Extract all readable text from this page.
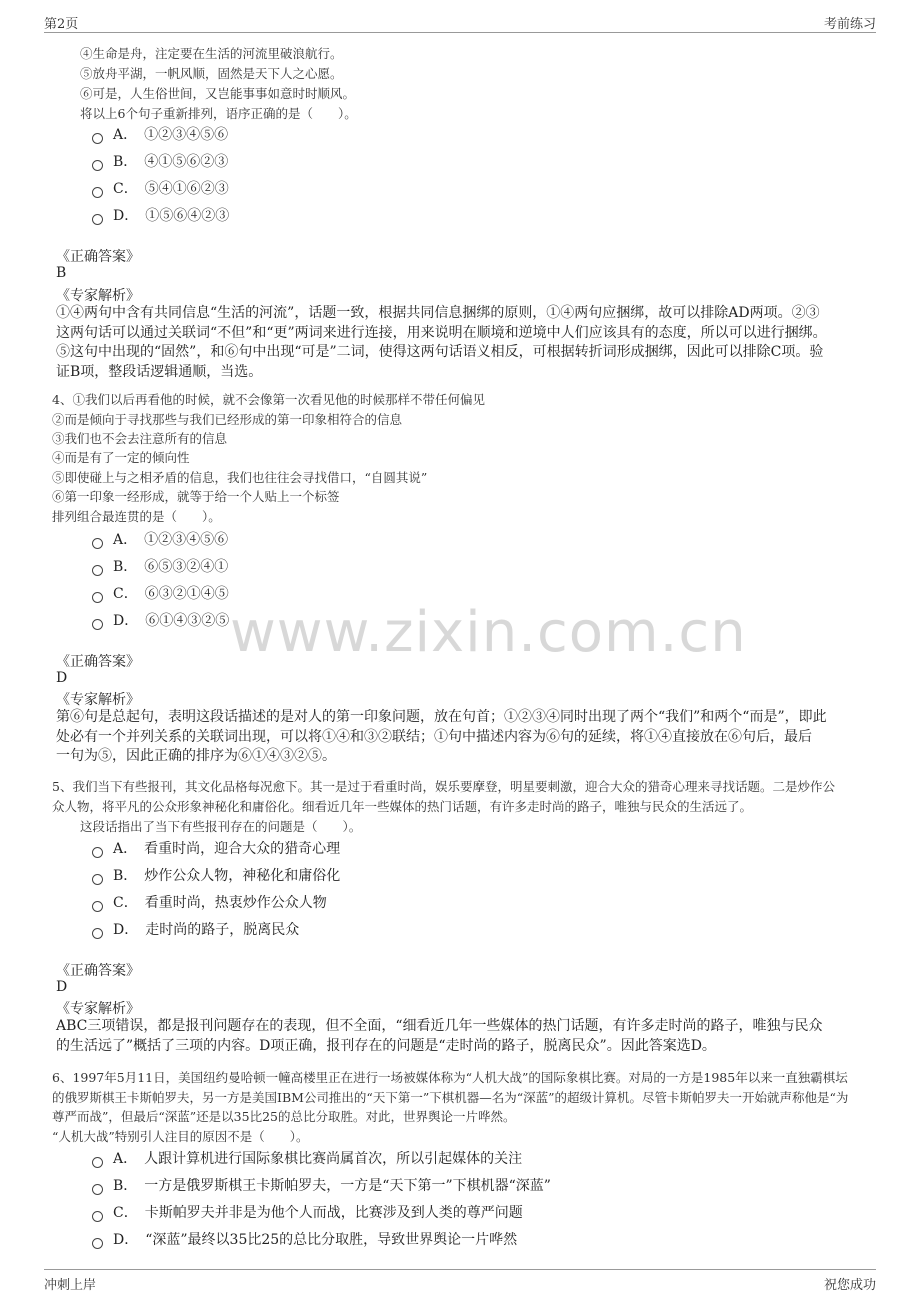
第2页	考前练习
www.zixin.com.cn
④生命是舟，注定要在生活的河流里破浪航行。
⑤放舟平湖，一帆风顺，固然是天下人之心愿。
⑥可是，人生俗世间，又岂能事事如意时时顺风。
将以上6个句子重新排列，语序正确的是（　　）。
A．　①②③④⑤⑥
B．　④①⑤⑥②③
C．　⑤④①⑥②③
D．　①⑤⑥④②③
《正确答案》
B
《专家解析》
①④两句中含有共同信息“生活的河流”，话题一致，根据共同信息捆绑的原则，①④两句应捆绑，故可以排除AD两项。②③
这两句话可以通过关联词“不但”和“更”两词来进行连接，用来说明在顺境和逆境中人们应该具有的态度，所以可以进行捆绑。
⑤这句中出现的“固然”，和⑥句中出现“可是”二词，使得这两句话语义相反，可根据转折词形成捆绑，因此可以排除C项。验
证B项，整段话逻辑通顺，当选。
4、①我们以后再看他的时候，就不会像第一次看见他的时候那样不带任何偏见
②而是倾向于寻找那些与我们已经形成的第一印象相符合的信息
③我们也不会去注意所有的信息
④而是有了一定的倾向性
⑤即使碰上与之相矛盾的信息，我们也往往会寻找借口，“自圆其说”
⑥第一印象一经形成，就等于给一个人贴上一个标签
排列组合最连贯的是（　　）。
A．　①②③④⑤⑥
B．　⑥⑤③②④①
C．　⑥③②①④⑤
D．　⑥①④③②⑤
《正确答案》
D
《专家解析》
第⑥句是总起句，表明这段话描述的是对人的第一印象问题，放在句首；①②③④同时出现了两个“我们”和两个“而是”，即此
处必有一个并列关系的关联词出现，可以将①④和③②联结；①句中描述内容为⑥句的延续，将①④直接放在⑥句后，最后
一句为⑤，因此正确的排序为⑥①④③②⑤。
5、我们当下有些报刊，其文化品格每况愈下。其一是过于看重时尚，娱乐要摩登，明星要刺激，迎合大众的猎奇心理来寻找话题。二是炒作公
众人物，将平凡的公众形象神秘化和庸俗化。细看近几年一些媒体的热门话题，有许多走时尚的路子，唯独与民众的生活远了。
这段话指出了当下有些报刊存在的问题是（　　）。
A．　看重时尚，迎合大众的猎奇心理
B．　炒作公众人物，神秘化和庸俗化
C．　看重时尚，热衷炒作公众人物
D．　走时尚的路子，脱离民众
《正确答案》
D
《专家解析》
ABC三项错误，都是报刊问题存在的表现，但不全面，“细看近几年一些媒体的热门话题，有许多走时尚的路子，唯独与民众
的生活远了”概括了三项的内容。D项正确，报刊存在的问题是“走时尚的路子，脱离民众”。因此答案选D。
6、1997年5月11日，美国纽约曼哈顿一幢高楼里正在进行一场被媒体称为“人机大战”的国际象棋比赛。对局的一方是1985年以来一直独霸棋坛
的俄罗斯棋王卡斯帕罗夫，另一方是美国IBM公司推出的“天下第一”下棋机器—名为“深蓝”的超级计算机。尽管卡斯帕罗夫一开始就声称他是“为
尊严而战”，但最后“深蓝”还是以35比25的总比分取胜。对此，世界舆论一片哗然。
“人机大战”特别引人注目的原因不是（　　）。
A．　人跟计算机进行国际象棋比赛尚属首次，所以引起媒体的关注
B．　一方是俄罗斯棋王卡斯帕罗夫，一方是“天下第一”下棋机器“深蓝”
C．　卡斯帕罗夫并非是为他个人而战，比赛涉及到人类的尊严问题
D．　“深蓝”最终以35比25的总比分取胜，导致世界舆论一片哗然
冲刺上岸	祝您成功
